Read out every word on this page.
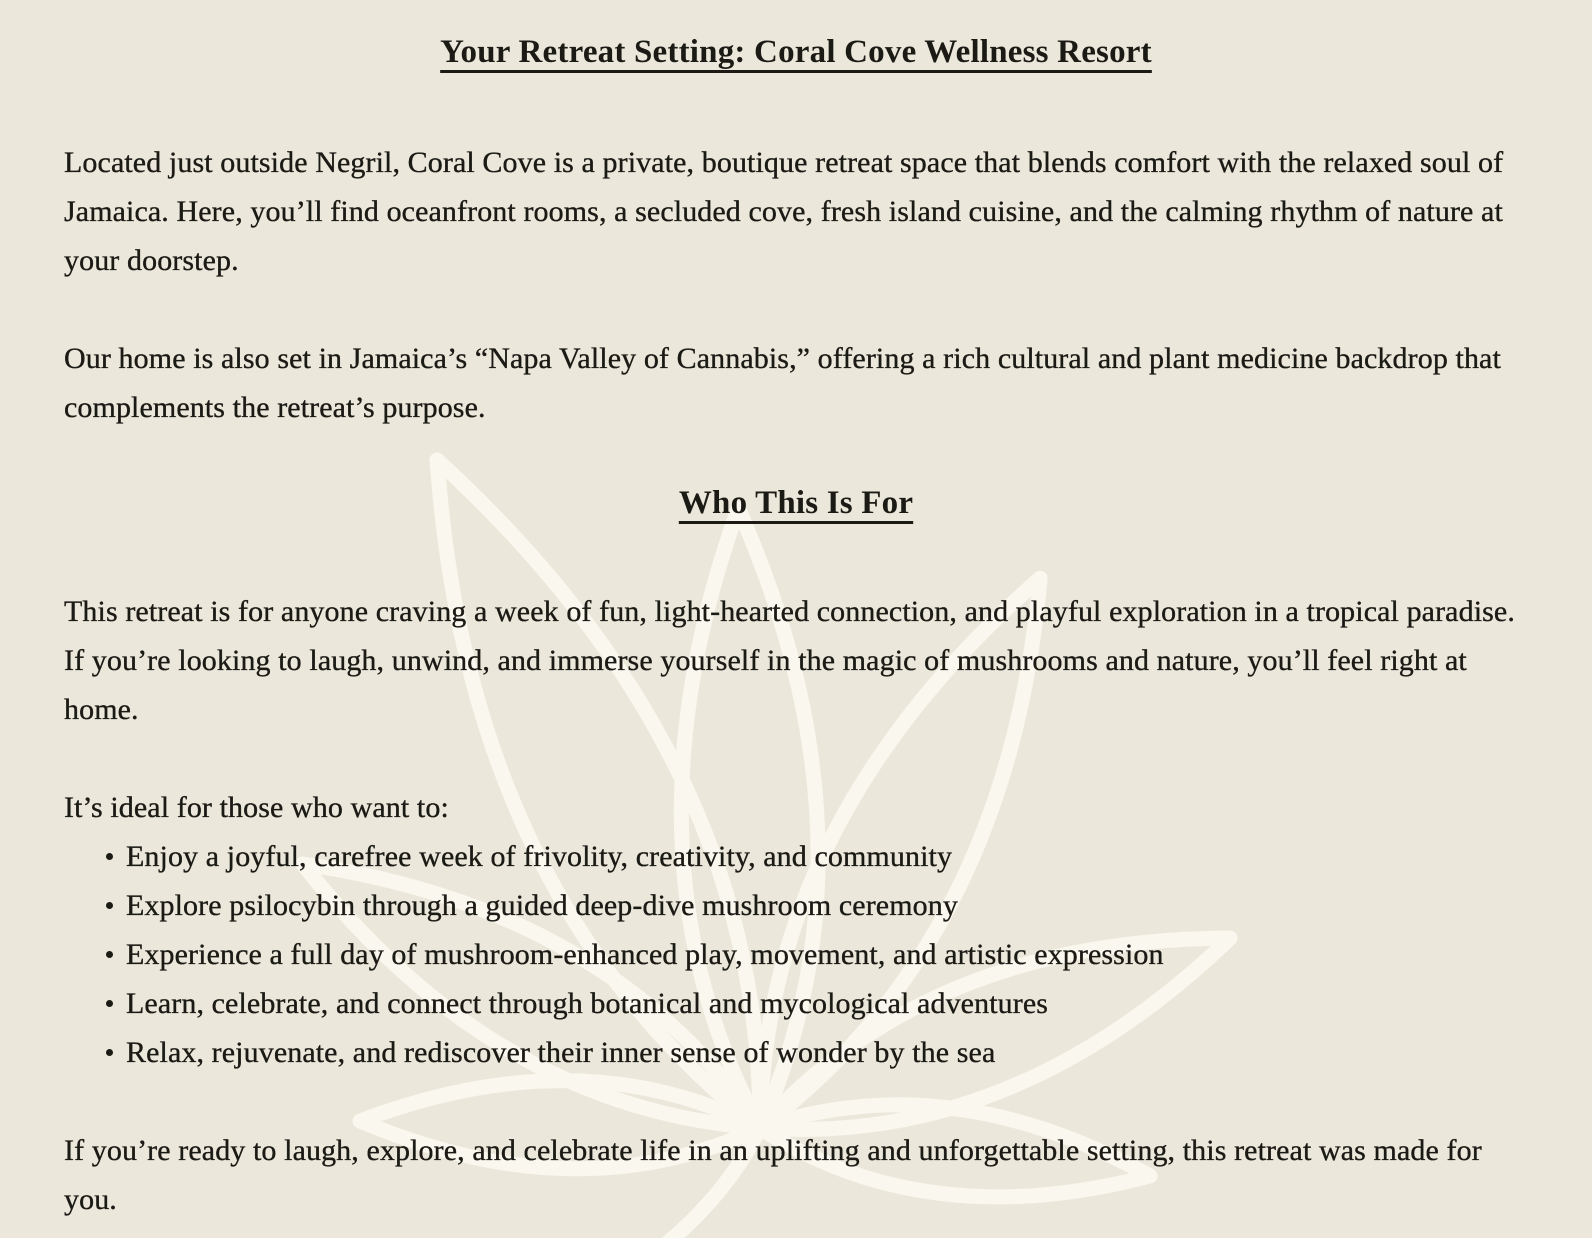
Your Retreat Setting: Coral Cove Wellness Resort

Located just outside Negril, Coral Cove is a private, boutique retreat space that blends comfort with the relaxed soul of Jamaica. Here, you’ll find oceanfront rooms, a secluded cove, fresh island cuisine, and the calming rhythm of nature at your doorstep.

Our home is also set in Jamaica’s “Napa Valley of Cannabis,” offering a rich cultural and plant medicine backdrop that complements the retreat’s purpose.

Who This Is For

This retreat is for anyone craving a week of fun, light-hearted connection, and playful exploration in a tropical paradise. If you’re looking to laugh, unwind, and immerse yourself in the magic of mushrooms and nature, you’ll feel right at home.

It’s ideal for those who want to:

Enjoy a joyful, carefree week of frivolity, creativity, and community
Explore psilocybin through a guided deep-dive mushroom ceremony
Experience a full day of mushroom-enhanced play, movement, and artistic expression
Learn, celebrate, and connect through botanical and mycological adventures
Relax, rejuvenate, and rediscover their inner sense of wonder by the sea

If you’re ready to laugh, explore, and celebrate life in an uplifting and unforgettable setting, this retreat was made for you.
